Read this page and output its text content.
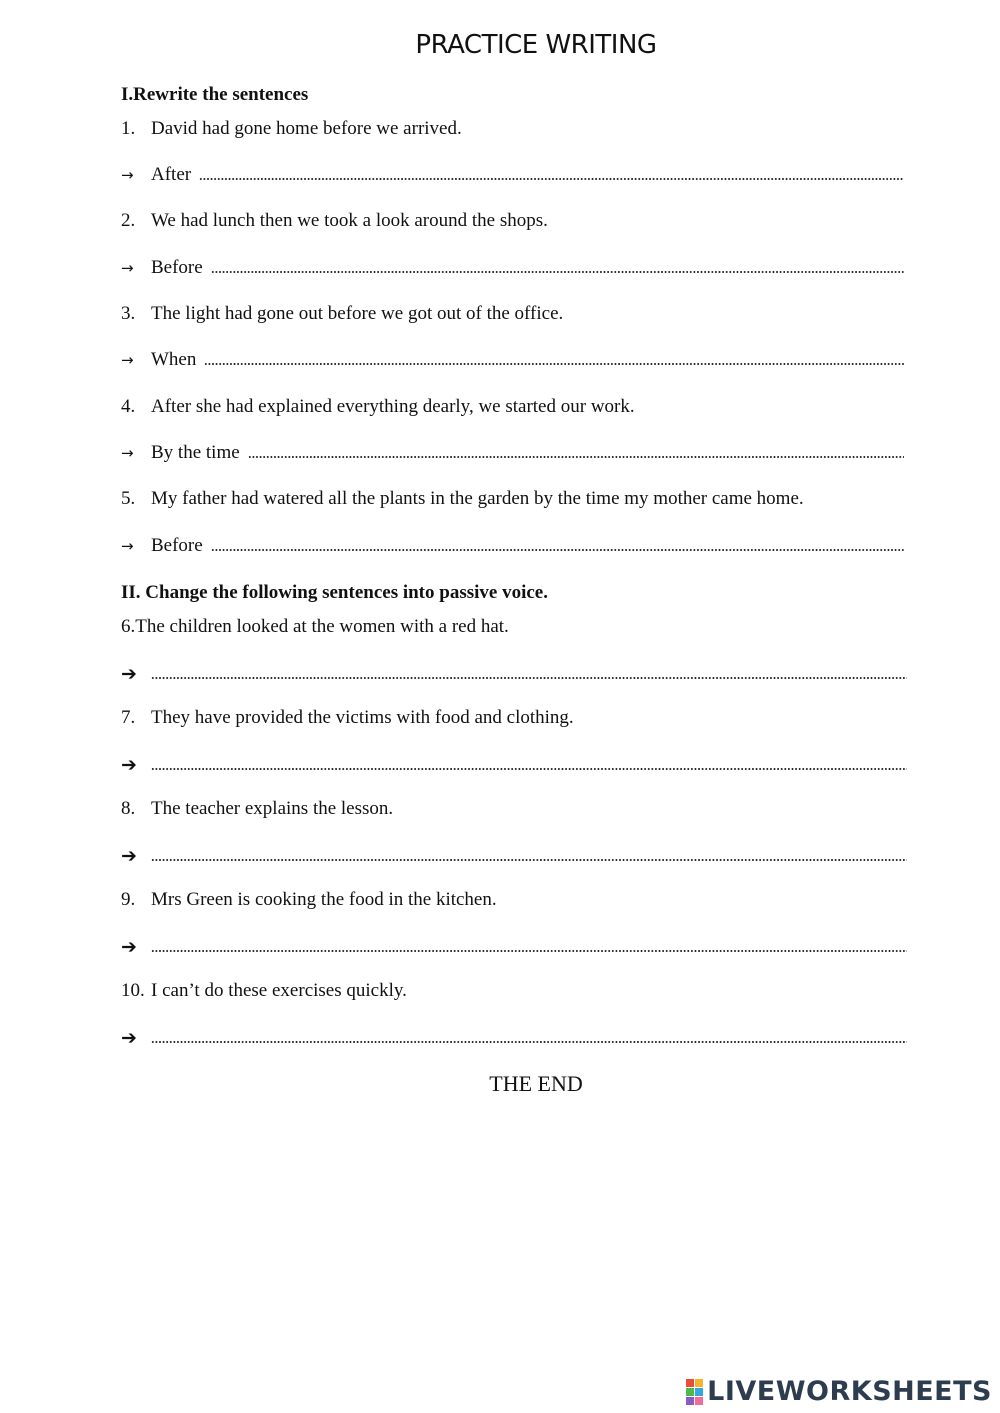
PRACTICE WRITING
I.Rewrite the sentences
1. David had gone home before we arrived.
→ After
2. We had lunch then we took a look around the shops.
→ Before
3. The light had gone out before we got out of the office.
→ When
4. After she had explained everything dearly, we started our work.
→ By the time
5. My father had watered all the plants in the garden by the time my mother came home.
→ Before
II. Change the following sentences into passive voice.
6.The children looked at the women with a red hat.
➔
7. They have provided the victims with food and clothing.
➔
8. The teacher explains the lesson.
➔
9. Mrs Green is cooking the food in the kitchen.
➔
10. I can’t do these exercises quickly.
➔
THE END
LIVEWORKSHEETS
